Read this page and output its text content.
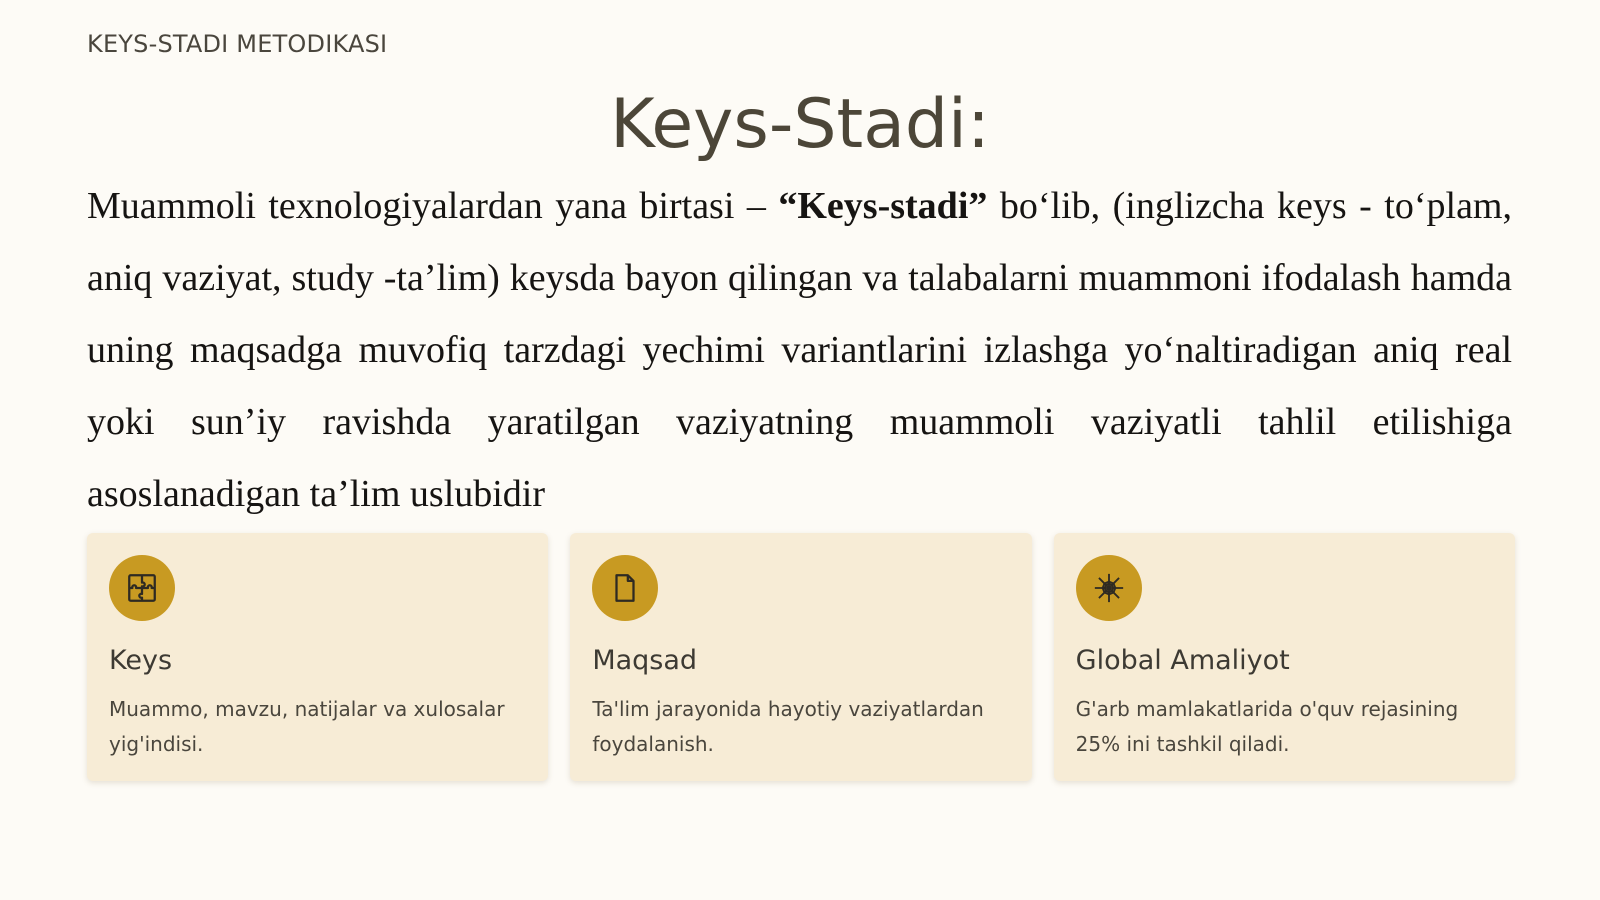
KEYS-STADI METODIKASI
Keys-Stadi:
Muammoli texnologiyalardan yana birtasi – “Keys-stadi” bo‘lib, (inglizcha keys - to‘plam, aniq vaziyat, study -ta’lim) keysda bayon qilingan va talabalarni muammoni ifodalash hamda uning maqsadga muvofiq tarzdagi yechimi variantlarini izlashga yo‘naltiradigan aniq real yoki sun’iy ravishda yaratilgan vaziyatning muammoli vaziyatli tahlil etilishiga asoslanadigan ta’lim uslubidir
Keys
Muammo, mavzu, natijalar va xulosalar yig'indisi.
Maqsad
Ta'lim jarayonida hayotiy vaziyatlardan foydalanish.
Global Amaliyot
G'arb mamlakatlarida o'quv rejasining 25% ini tashkil qiladi.
